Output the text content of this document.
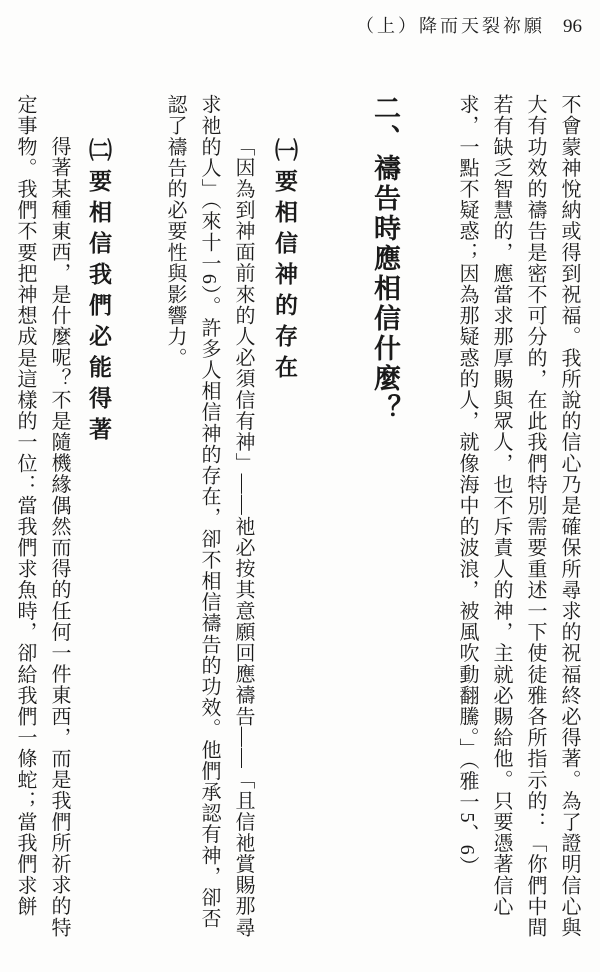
（上）降而天裂祢願 96

不會蒙神悅納或得到祝福。我所說的信心乃是確保所尋求的祝福終必得著。為了證明信心與大有功效的禱告是密不可分的，在此我們特別需要重述一下使徒雅各所指示的：「你們中間若有缺乏智慧的，應當求那厚賜與眾人，也不斥責人的神，主就必賜給他。只要憑著信心求，一點不疑惑；因為那疑惑的人，就像海中的波浪，被風吹動翻騰。」（雅一5、6）

二、禱告時應相信什麼？
㈠要相信神的存在

「因為到神面前來的人必須信有神」——祂必按其意願回應禱告——「且信祂賞賜那尋求祂的人」（來十一6）。許多人相信神的存在，卻不相信禱告的功效。他們承認有神，卻否認了禱告的必要性與影響力。

㈡要相信我們必能得著

得著某種東西，是什麼呢？不是隨機緣偶然而得的任何一件東西，而是我們所祈求的特定事物。我們不要把神想成是這樣的一位：當我們求魚時，卻給我們一條蛇；當我們求餅
